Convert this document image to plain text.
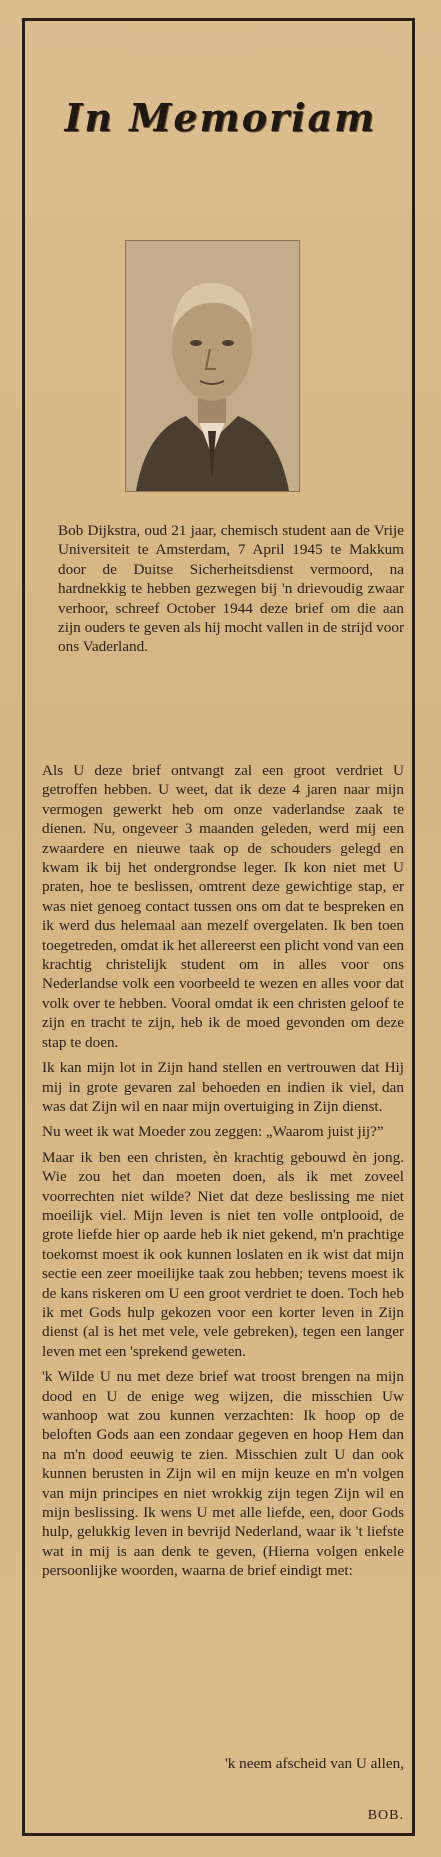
In Memoriam

Bob Dijkstra, oud 21 jaar, chemisch student aan de Vrije Universiteit te Amsterdam, 7 April 1945 te Makkum door de Duitse Sicherheitsdienst vermoord, na hardnekkig te hebben gezwegen bij 'n drievoudig zwaar verhoor, schreef October 1944 deze brief om die aan zijn ouders te geven als hij mocht vallen in de strijd voor ons Vaderland.

Als U deze brief ontvangt zal een groot verdriet U getroffen hebben. U weet, dat ik deze 4 jaren naar mijn vermogen gewerkt heb om onze vaderlandse zaak te dienen. Nu, ongeveer 3 maanden geleden, werd mij een zwaardere en nieuwe taak op de schouders gelegd en kwam ik bij het ondergrondse leger. Ik kon niet met U praten, hoe te beslissen, omtrent deze gewichtige stap, er was niet genoeg contact tussen ons om dat te bespreken en ik werd dus helemaal aan mezelf overgelaten. Ik ben toen toegetreden, omdat ik het allereerst een plicht vond van een krachtig christelijk student om in alles voor ons Nederlandse volk een voorbeeld te wezen en alles voor dat volk over te hebben. Vooral omdat ik een christen geloof te zijn en tracht te zijn, heb ik de moed gevonden om deze stap te doen.

Ik kan mijn lot in Zijn hand stellen en vertrouwen dat Hij mij in grote gevaren zal behoeden en indien ik viel, dan was dat Zijn wil en naar mijn overtuiging in Zijn dienst.

Nu weet ik wat Moeder zou zeggen: „Waarom juist jij?”

Maar ik ben een christen, èn krachtig gebouwd èn jong. Wie zou het dan moeten doen, als ik met zoveel voorrechten niet wilde? Niet dat deze beslissing me niet moeilijk viel. Mijn leven is niet ten volle ontplooid, de grote liefde hier op aarde heb ik niet gekend, m'n prachtige toekomst moest ik ook kunnen loslaten en ik wist dat mijn sectie een zeer moeilijke taak zou hebben; tevens moest ik de kans riskeren om U een groot verdriet te doen. Toch heb ik met Gods hulp gekozen voor een korter leven in Zijn dienst (al is het met vele, vele gebreken), tegen een langer leven met een 'sprekend geweten.

'k Wilde U nu met deze brief wat troost brengen na mijn dood en U de enige weg wijzen, die misschien Uw wanhoop wat zou kunnen verzachten: Ik hoop op de beloften Gods aan een zondaar gegeven en hoop Hem dan na m'n dood eeuwig te zien. Misschien zult U dan ook kunnen berusten in Zijn wil en mijn keuze en m'n volgen van mijn principes en niet wrokkig zijn tegen Zijn wil en mijn beslissing. Ik wens U met alle liefde, een, door Gods hulp, gelukkig leven in bevrijd Nederland, waar ik 't liefste wat in mij is aan denk te geven, (Hierna volgen enkele persoonlijke woorden, waarna de brief eindigt met:

'k neem afscheid van U allen,
BOB.
